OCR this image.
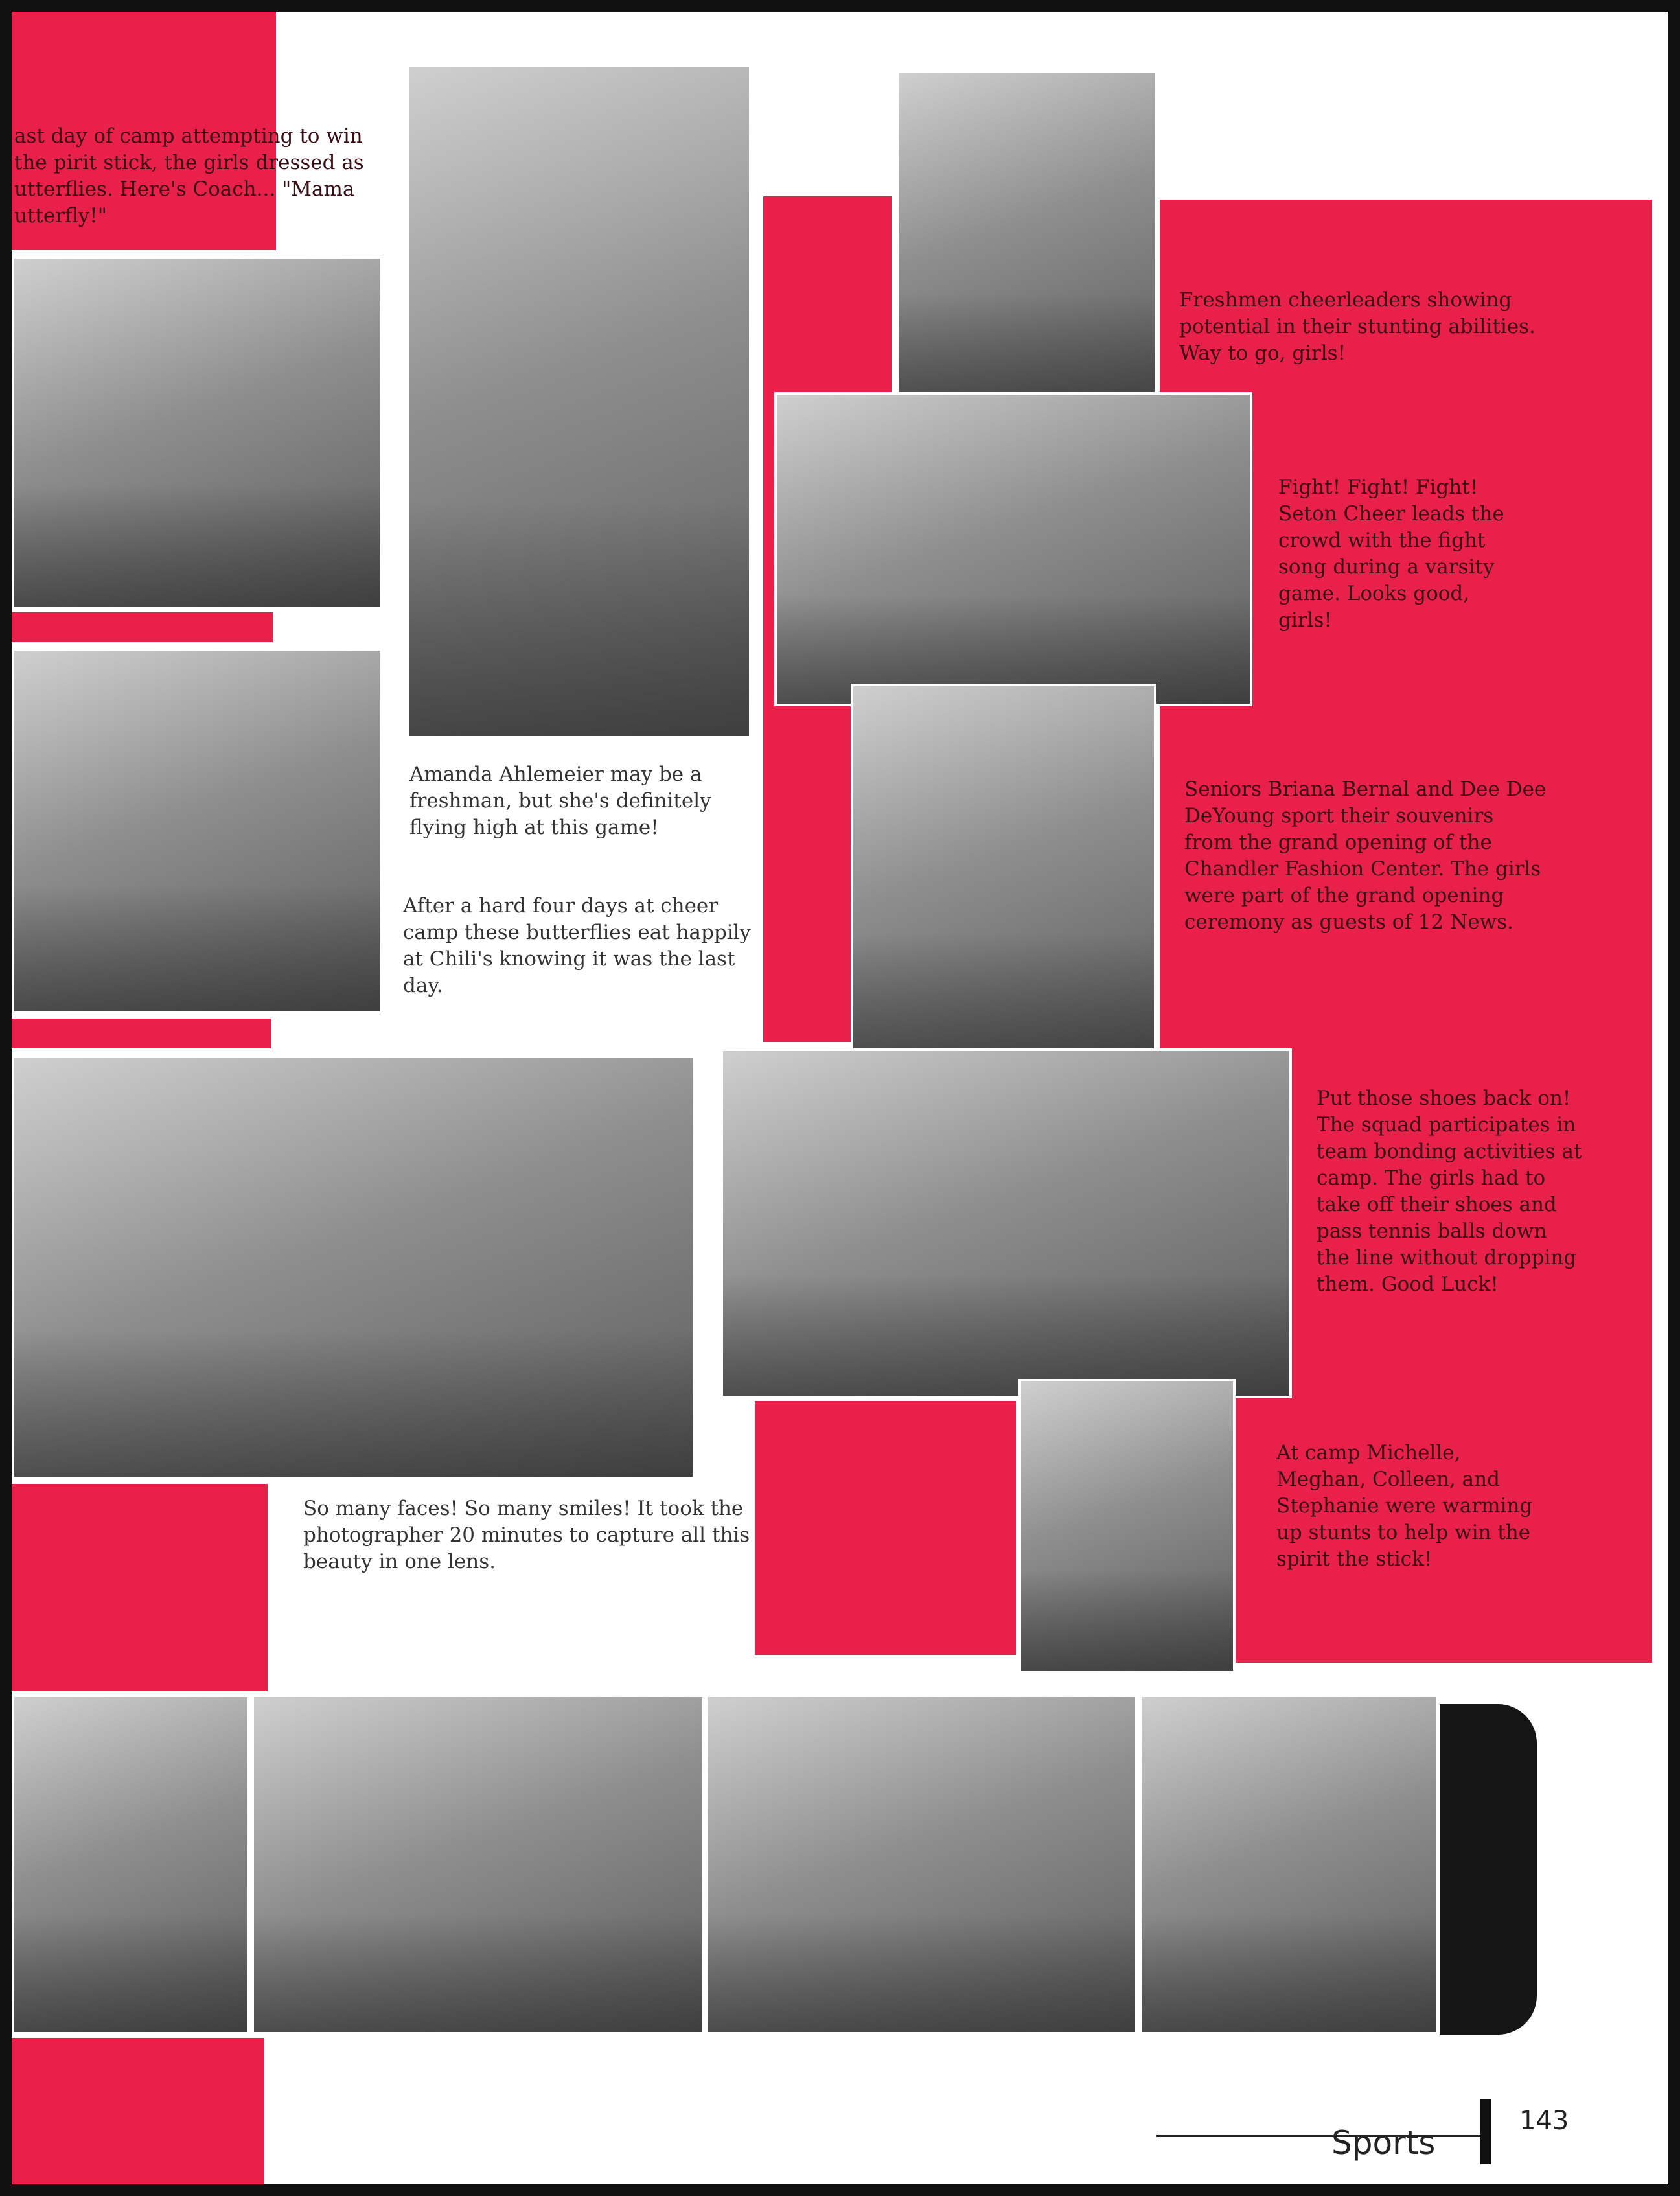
ast day of camp attempting to win the pirit stick, the girls dressed as utterflies. Here's Coach... "Mama utterfly!"
Amanda Ahlemeier may be a freshman, but she's definitely flying high at this game!
After a hard four days at cheer camp these butterflies eat happily at Chili's knowing it was the last day.
Freshmen cheerleaders showing potential in their stunting abilities. Way to go, girls!
Fight! Fight! Fight! Seton Cheer leads the crowd with the fight song during a varsity game. Looks good, girls!
Seniors Briana Bernal and Dee Dee DeYoung sport their souvenirs from the grand opening of the Chandler Fashion Center. The girls were part of the grand opening ceremony as guests of 12 News.
Put those shoes back on! The squad participates in team bonding activities at camp. The girls had to take off their shoes and pass tennis balls down the line without dropping them. Good Luck!
So many faces! So many smiles! It took the photographer 20 minutes to capture all this beauty in one lens.
At camp Michelle, Meghan, Colleen, and Stephanie were warming up stunts to help win the spirit the stick!
Sports
143
